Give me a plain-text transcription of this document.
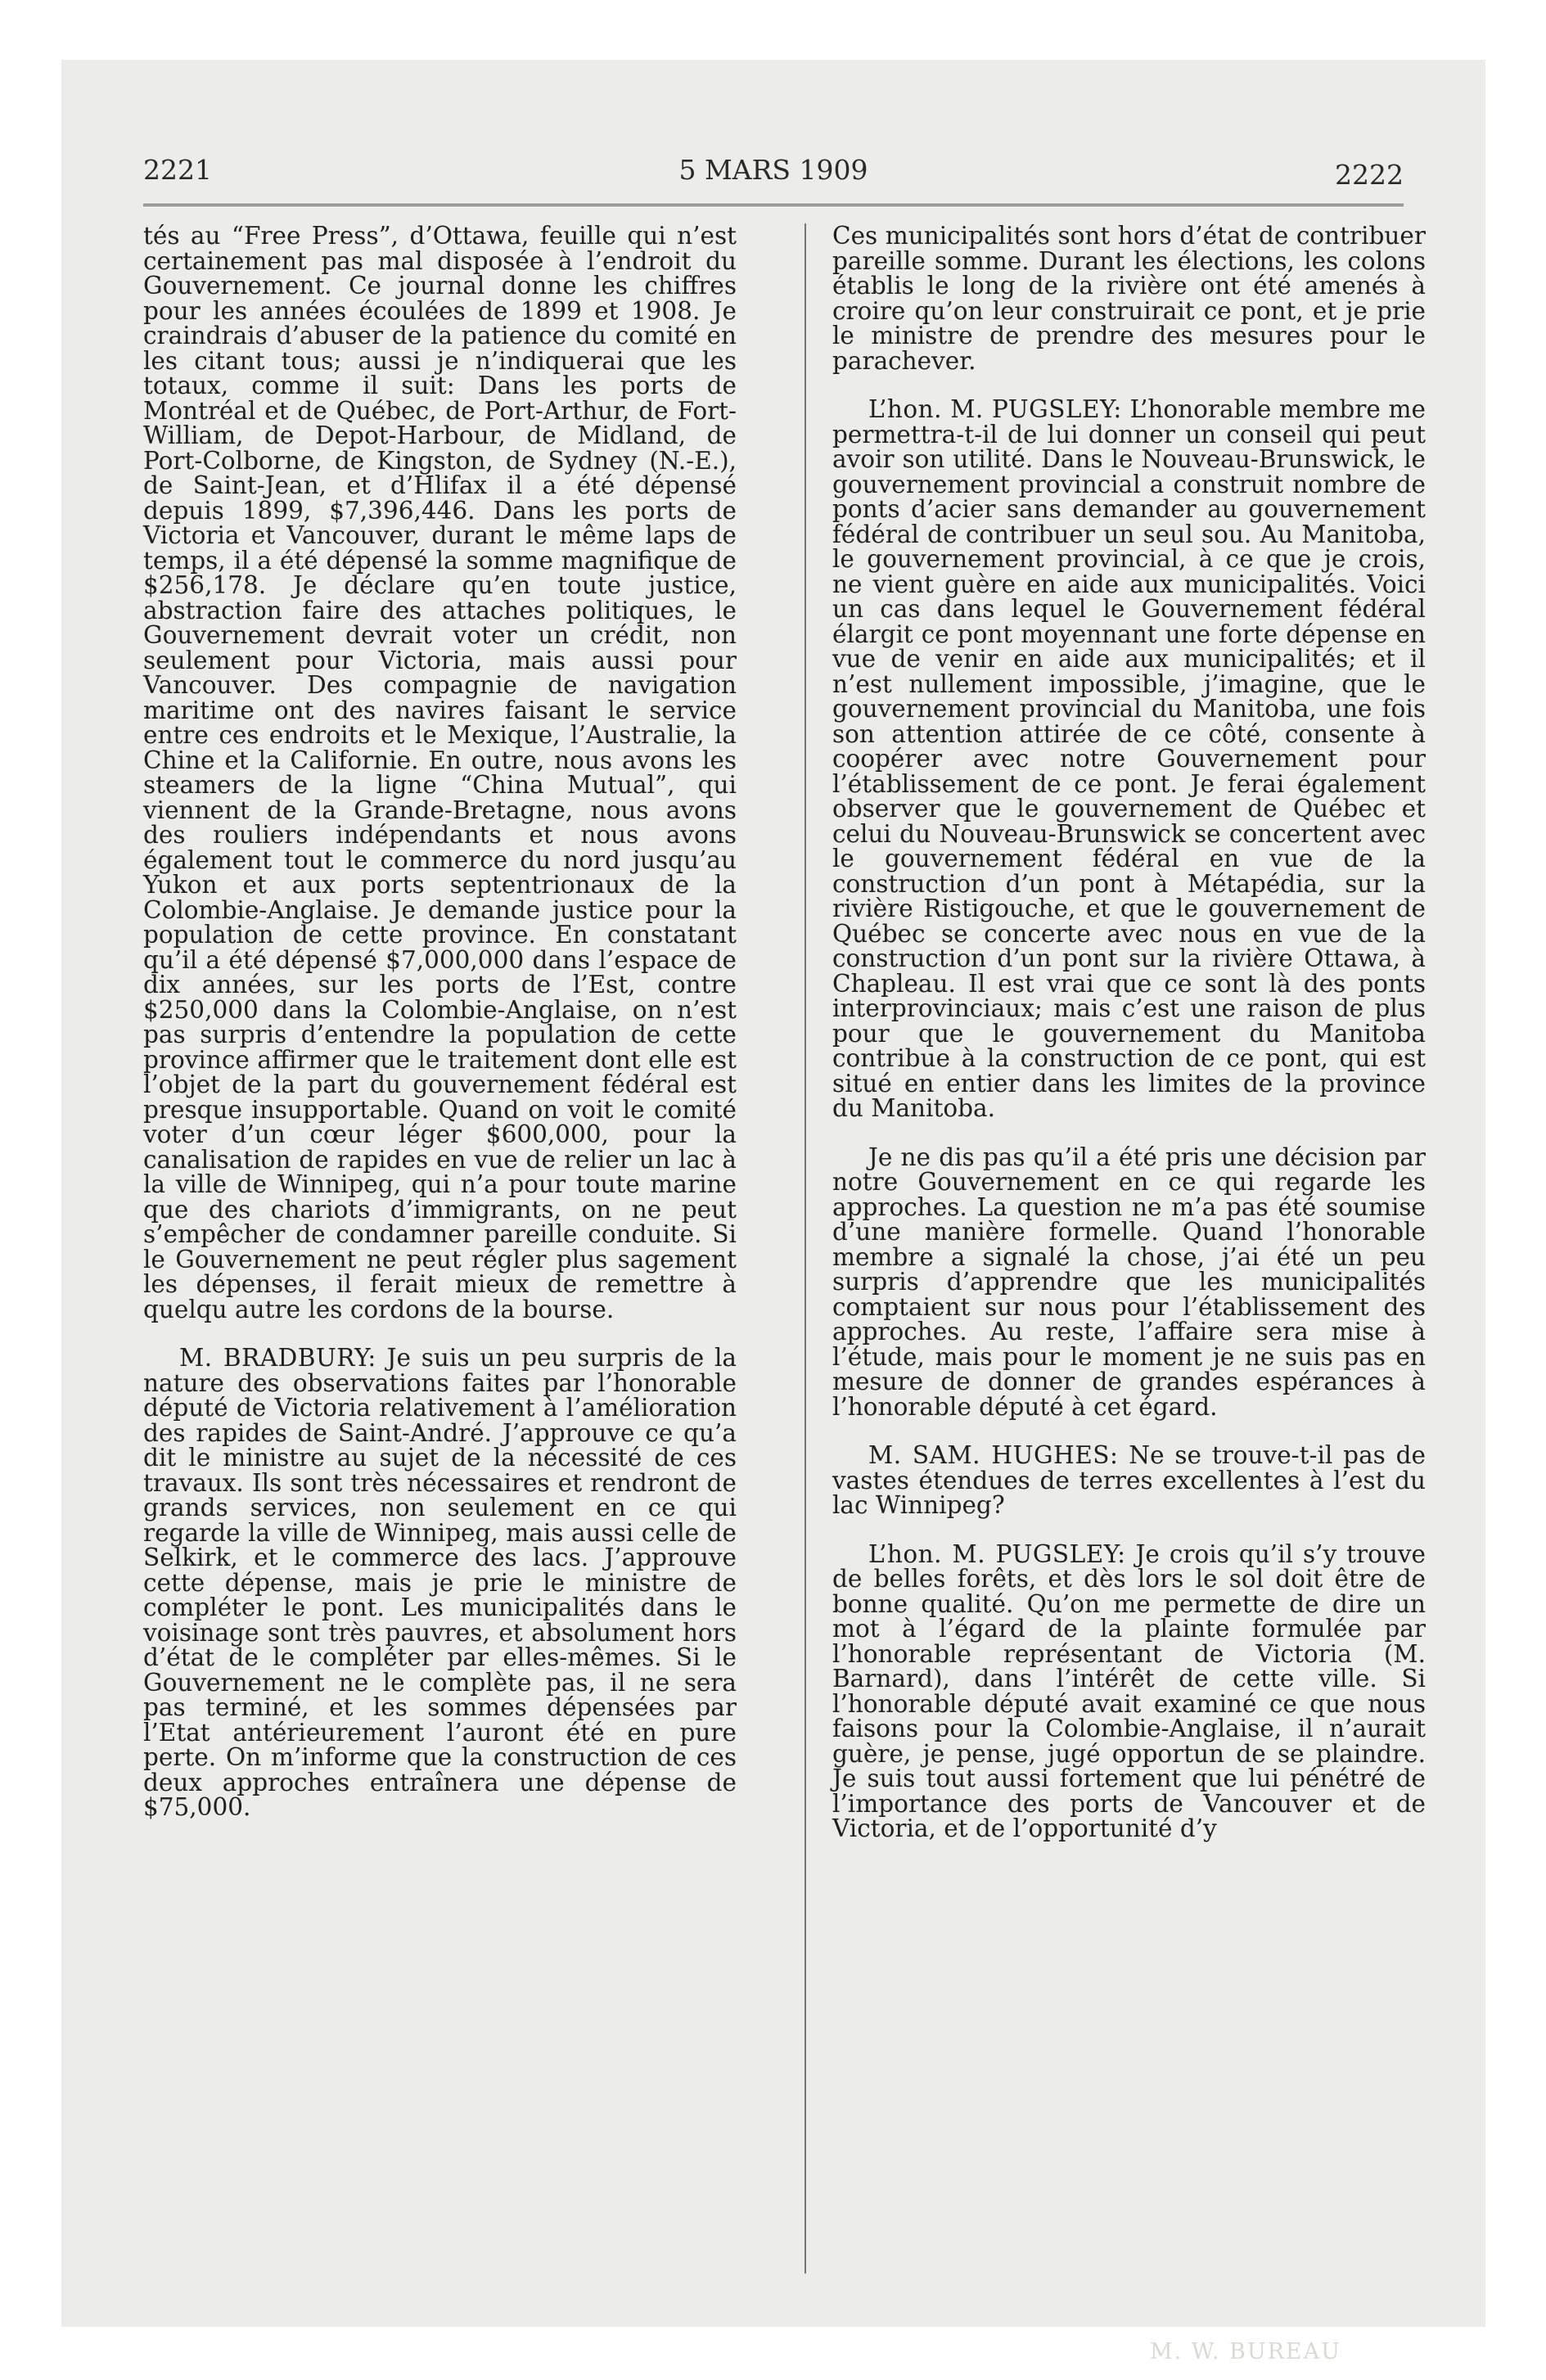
2221	5 MARS 1909	2222

tés au “Free Press”, d’Ottawa, feuille qui n’est certainement pas mal disposée à l’endroit du Gouvernement. Ce journal donne les chiffres pour les années écoulées de 1899 et 1908. Je craindrais d’abuser de la patience du comité en les citant tous; aussi je n’indiquerai que les totaux, comme il suit: Dans les ports de Montréal et de Québec, de Port-Arthur, de Fort-William, de Depot-Harbour, de Midland, de Port-Colborne, de Kingston, de Sydney (N.-E.), de Saint-Jean, et d’Hlifax il a été dépensé depuis 1899, $7,396,446. Dans les ports de Victoria et Vancouver, durant le même laps de temps, il a été dépensé la somme magnifique de $256,178. Je déclare qu’en toute justice, abstraction faire des attaches politiques, le Gouvernement devrait voter un crédit, non seulement pour Victoria, mais aussi pour Vancouver. Des compagnie de navigation maritime ont des navires faisant le service entre ces endroits et le Mexique, l’Australie, la Chine et la Californie. En outre, nous avons les steamers de la ligne “China Mutual”, qui viennent de la Grande-Bretagne, nous avons des rouliers indépendants et nous avons également tout le commerce du nord jusqu’au Yukon et aux ports septentrionaux de la Colombie-Anglaise. Je demande justice pour la population de cette province. En constatant qu’il a été dépensé $7,000,000 dans l’espace de dix années, sur les ports de l’Est, contre $250,000 dans la Colombie-Anglaise, on n’est pas surpris d’entendre la population de cette province affirmer que le traitement dont elle est l’objet de la part du gouvernement fédéral est presque insupportable. Quand on voit le comité voter d’un cœur léger $600,000, pour la canalisation de rapides en vue de relier un lac à la ville de Winnipeg, qui n’a pour toute marine que des chariots d’immigrants, on ne peut s’empêcher de condamner pareille conduite. Si le Gouvernement ne peut régler plus sagement les dépenses, il ferait mieux de remettre à quelqu autre les cordons de la bourse.

M. BRADBURY: Je suis un peu surpris de la nature des observations faites par l’honorable député de Victoria relativement à l’amélioration des rapides de Saint-André. J’approuve ce qu’a dit le ministre au sujet de la nécessité de ces travaux. Ils sont très nécessaires et rendront de grands services, non seulement en ce qui regarde la ville de Winnipeg, mais aussi celle de Selkirk, et le commerce des lacs. J’approuve cette dépense, mais je prie le ministre de compléter le pont. Les municipalités dans le voisinage sont très pauvres, et absolument hors d’état de le compléter par elles-mêmes. Si le Gouvernement ne le complète pas, il ne sera pas terminé, et les sommes dépensées par l’Etat antérieurement l’auront été en pure perte. On m’informe que la construction de ces deux approches entraînera une dépense de $75,000.

Ces municipalités sont hors d’état de contribuer pareille somme. Durant les élections, les colons établis le long de la rivière ont été amenés à croire qu’on leur construirait ce pont, et je prie le ministre de prendre des mesures pour le parachever.

L’hon. M. PUGSLEY: L’honorable membre me permettra-t-il de lui donner un conseil qui peut avoir son utilité. Dans le Nouveau-Brunswick, le gouvernement provincial a construit nombre de ponts d’acier sans demander au gouvernement fédéral de contribuer un seul sou. Au Manitoba, le gouvernement provincial, à ce que je crois, ne vient guère en aide aux municipalités. Voici un cas dans lequel le Gouvernement fédéral élargit ce pont moyennant une forte dépense en vue de venir en aide aux municipalités; et il n’est nullement impossible, j’imagine, que le gouvernement provincial du Manitoba, une fois son attention attirée de ce côté, consente à coopérer avec notre Gouvernement pour l’établissement de ce pont. Je ferai également observer que le gouvernement de Québec et celui du Nouveau-Brunswick se concertent avec le gouvernement fédéral en vue de la construction d’un pont à Métapédia, sur la rivière Ristigouche, et que le gouvernement de Québec se concerte avec nous en vue de la construction d’un pont sur la rivière Ottawa, à Chapleau. Il est vrai que ce sont là des ponts interprovinciaux; mais c’est une raison de plus pour que le gouvernement du Manitoba contribue à la construction de ce pont, qui est situé en entier dans les limites de la province du Manitoba.

Je ne dis pas qu’il a été pris une décision par notre Gouvernement en ce qui regarde les approches. La question ne m’a pas été soumise d’une manière formelle. Quand l’honorable membre a signalé la chose, j’ai été un peu surpris d’apprendre que les municipalités comptaient sur nous pour l’établissement des approches. Au reste, l’affaire sera mise à l’étude, mais pour le moment je ne suis pas en mesure de donner de grandes espérances à l’honorable député à cet égard.

M. SAM. HUGHES: Ne se trouve-t-il pas de vastes étendues de terres excellentes à l’est du lac Winnipeg?

L’hon. M. PUGSLEY: Je crois qu’il s’y trouve de belles forêts, et dès lors le sol doit être de bonne qualité. Qu’on me permette de dire un mot à l’égard de la plainte formulée par l’honorable représentant de Victoria (M. Barnard), dans l’intérêt de cette ville. Si l’honorable député avait examiné ce que nous faisons pour la Colombie-Anglaise, il n’aurait guère, je pense, jugé opportun de se plaindre. Je suis tout aussi fortement que lui pénétré de l’importance des ports de Vancouver et de Victoria, et de l’opportunité d’y

M. W. BUREAU
